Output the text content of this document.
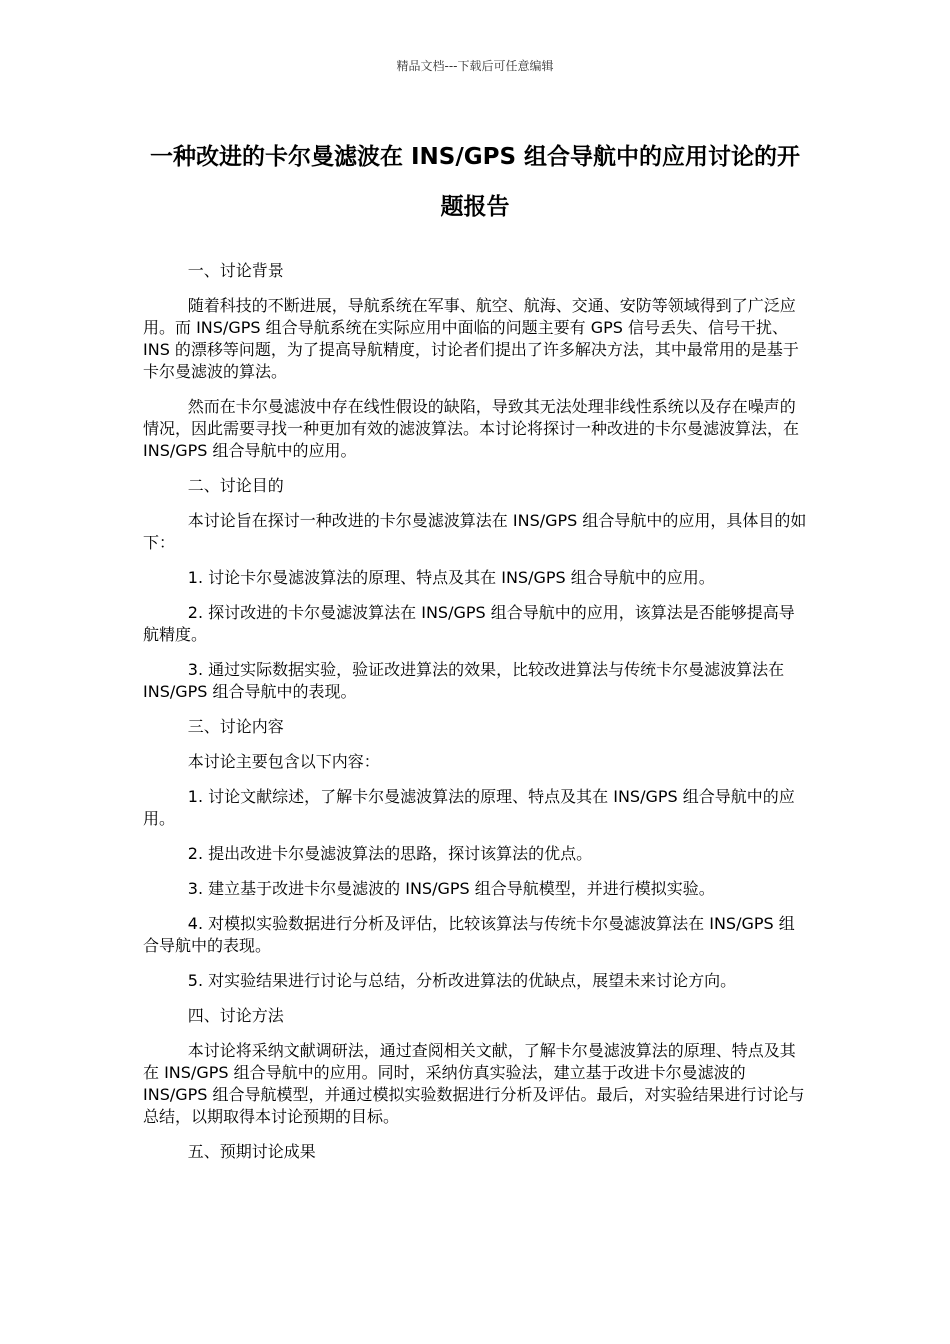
精品文档---下载后可任意编辑
一种改进的卡尔曼滤波在 INS/GPS 组合导航中的应用讨论的开题报告
一、讨论背景
随着科技的不断进展，导航系统在军事、航空、航海、交通、安防等领域得到了广泛应用。而 INS/GPS 组合导航系统在实际应用中面临的问题主要有 GPS 信号丢失、信号干扰、INS 的漂移等问题，为了提高导航精度，讨论者们提出了许多解决方法，其中最常用的是基于卡尔曼滤波的算法。
然而在卡尔曼滤波中存在线性假设的缺陷，导致其无法处理非线性系统以及存在噪声的情况，因此需要寻找一种更加有效的滤波算法。本讨论将探讨一种改进的卡尔曼滤波算法，在 INS/GPS 组合导航中的应用。
二、讨论目的
本讨论旨在探讨一种改进的卡尔曼滤波算法在 INS/GPS 组合导航中的应用，具体目的如下：
1. 讨论卡尔曼滤波算法的原理、特点及其在 INS/GPS 组合导航中的应用。
2. 探讨改进的卡尔曼滤波算法在 INS/GPS 组合导航中的应用，该算法是否能够提高导航精度。
3. 通过实际数据实验，验证改进算法的效果，比较改进算法与传统卡尔曼滤波算法在 INS/GPS 组合导航中的表现。
三、讨论内容
本讨论主要包含以下内容：
1. 讨论文献综述，了解卡尔曼滤波算法的原理、特点及其在 INS/GPS 组合导航中的应用。
2. 提出改进卡尔曼滤波算法的思路，探讨该算法的优点。
3. 建立基于改进卡尔曼滤波的 INS/GPS 组合导航模型，并进行模拟实验。
4. 对模拟实验数据进行分析及评估，比较该算法与传统卡尔曼滤波算法在 INS/GPS 组合导航中的表现。
5. 对实验结果进行讨论与总结，分析改进算法的优缺点，展望未来讨论方向。
四、讨论方法
本讨论将采纳文献调研法，通过查阅相关文献，了解卡尔曼滤波算法的原理、特点及其在 INS/GPS 组合导航中的应用。同时，采纳仿真实验法，建立基于改进卡尔曼滤波的 INS/GPS 组合导航模型，并通过模拟实验数据进行分析及评估。最后，对实验结果进行讨论与总结，以期取得本讨论预期的目标。
五、预期讨论成果
